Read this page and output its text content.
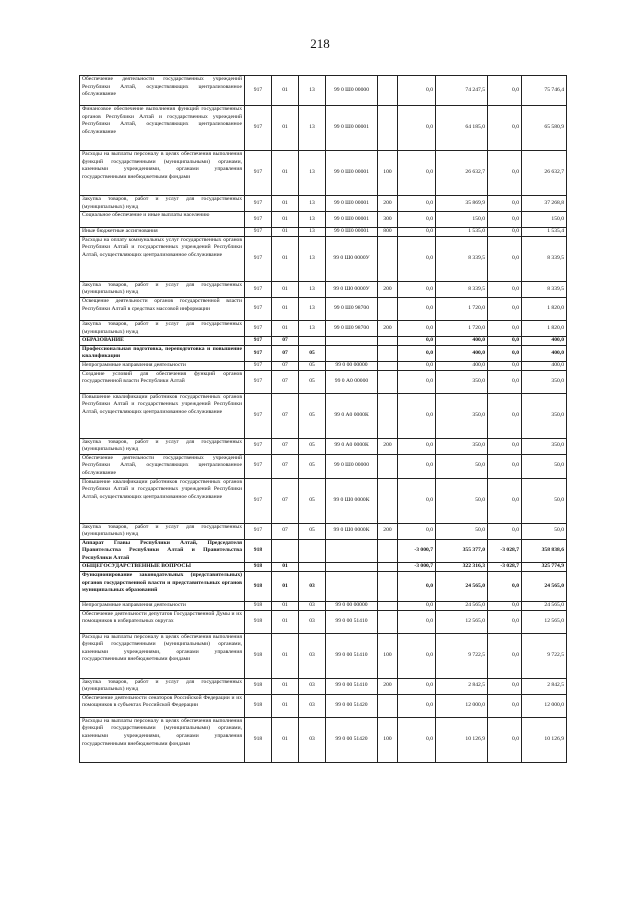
218
Обеспечение деятельности государственных учреждений Республики Алтай, осуществляющих централизованное обслуживание	917	01	13	99 0 Ш0 00000		0,0	74 247,5	0,0	75 746,4
Финансовое обеспечение выполнения функций государственных органов Республики Алтай и государственных учреждений Республики Алтай, осуществляющих централизованное обслуживание	917	01	13	99 0 Ш0 00001		0,0	64 185,0	0,0	65 580,9
Расходы на выплаты персоналу в целях обеспечения выполнения функций государственными (муниципальными) органами, казенными учреждениями, органами управления государственными внебюджетными фондами	917	01	13	99 0 Ш0 00001	100	0,0	26 632,7	0,0	26 632,7
Закупка товаров, работ и услуг для государственных (муниципальных) нужд	917	01	13	99 0 Ш0 00001	200	0,0	35 869,9	0,0	37 268,8
Социальное обеспечение и иные выплаты населению	917	01	13	99 0 Ш0 00001	300	0,0	150,0	0,0	150,0
Иные бюджетные ассигнования	917	01	13	99 0 Ш0 00001	800	0,0	1 535,0	0,0	1 535,4
Расходы на оплату коммунальных услуг государственных органов Республики Алтай и государственных учреждений Республики Алтай, осуществляющих централизованное обслуживание	917	01	13	99 0 Ш0 0000У		0,0	8 339,5	0,0	8 339,5
Закупка товаров, работ и услуг для государственных (муниципальных) нужд	917	01	13	99 0 Ш0 0000У	200	0,0	8 339,5	0,0	8 339,5
Освещение деятельности органов государственной власти Республики Алтай в средствах массовой информации	917	01	13	99 0 Ш0 98700		0,0	1 720,0	0,0	1 820,0
Закупка товаров, работ и услуг для государственных (муниципальных) нужд	917	01	13	99 0 Ш0 98700	200	0,0	1 720,0	0,0	1 820,0
ОБРАЗОВАНИЕ	917	07				0,0	400,0	0,0	400,0
Профессиональная подготовка, переподготовка и повышение квалификации	917	07	05			0,0	400,0	0,0	400,0
Непрограммные направления деятельности	917	07	05	99 0 00 00000		0,0	400,0	0,0	400,0
Создание условий для обеспечения функций органов государственной власти Республики Алтай	917	07	05	99 0 А0 00000		0,0	350,0	0,0	350,0
Повышение квалификации работников государственных органов Республики Алтай и государственных учреждений Республики Алтай, осуществляющих централизованное обслуживание	917	07	05	99 0 А0 0000К		0,0	350,0	0,0	350,0
Закупка товаров, работ и услуг для государственных (муниципальных) нужд	917	07	05	99 0 А0 0000К	200	0,0	350,0	0,0	350,0
Обеспечение деятельности государственных учреждений Республики Алтай, осуществляющих централизованное обслуживание	917	07	05	99 0 Ш0 00000		0,0	50,0	0,0	50,0
Повышение квалификации работников государственных органов Республики Алтай и государственных учреждений Республики Алтай, осуществляющих централизованное обслуживание	917	07	05	99 0 Ш0 0000К		0,0	50,0	0,0	50,0
Закупка товаров, работ и услуг для государственных (муниципальных) нужд	917	07	05	99 0 Ш0 0000К	200	0,0	50,0	0,0	50,0
Аппарат Главы Республики Алтай, Председателя Правительства Республики Алтай и Правительства Республики Алтай	918					-3 000,7	355 377,0	-3 028,7	358 838,6
ОБЩЕГОСУДАРСТВЕННЫЕ ВОПРОСЫ	918	01				-3 000,7	322 316,3	-3 028,7	325 774,9
Функционирование законодательных (представительных) органов государственной власти и представительных органов муниципальных образований	918	01	03			0,0	24 565,0	0,0	24 565,0
Непрограммные направления деятельности	918	01	03	99 0 00 00000		0,0	24 565,0	0,0	24 565,0
Обеспечение деятельности депутатов Государственной Думы и их помощников в избирательных округах	918	01	03	99 0 00 51410		0,0	12 565,0	0,0	12 565,0
Расходы на выплаты персоналу в целях обеспечения выполнения функций государственными (муниципальными) органами, казенными учреждениями, органами управления государственными внебюджетными фондами	918	01	03	99 0 00 51410	100	0,0	9 722,5	0,0	9 722,5
Закупка товаров, работ и услуг для государственных (муниципальных) нужд	918	01	03	99 0 00 51410	200	0,0	2 842,5	0,0	2 842,5
Обеспечение деятельности сенаторов Российской Федерации и их помощников в субъектах Российской Федерации	918	01	03	99 0 00 51420		0,0	12 000,0	0,0	12 000,0
Расходы на выплаты персоналу в целях обеспечения выполнения функций государственными (муниципальными) органами, казенными учреждениями, органами управления государственными внебюджетными фондами	918	01	03	99 0 00 51420	100	0,0	10 126,9	0,0	10 126,9
